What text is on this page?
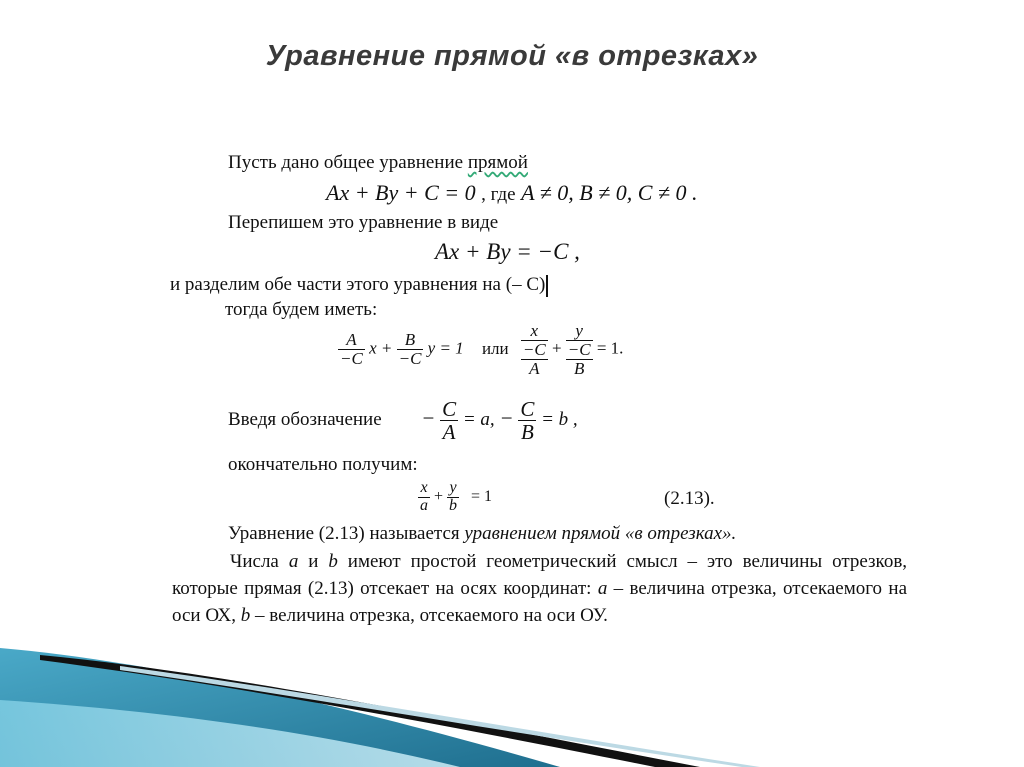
Уравнение прямой «в отрезках»
Пусть дано общее уравнение прямой
Ax + By + C = 0 , где A ≠ 0, B ≠ 0, C ≠ 0 .
Перепишем это уравнение в виде
Ax + By = −C ,
и разделим обе части этого уравнения на (– С)
тогда будем иметь:
$\frac{A}{-C}$ $x + \frac{B}{-C}$ y = 1 или
x
−C
A
+
y
−C
B
= 1.
Введя обозначение − $\frac{C}{A} = a$, − $\frac{C}{B} = b$ ,
окончательно получим:
$\frac{x}{a} + \frac{y}{b} = 1$	(2.13).
Уравнение (2.13) называется уравнением прямой «в отрезках».
Числа a и b имеют простой геометрический смысл – это величины отрезков, которые прямая (2.13) отсекает на осях координат: a – величина отрезка, отсекаемого на оси ОХ, b – величина отрезка, отсекаемого на оси ОУ.
